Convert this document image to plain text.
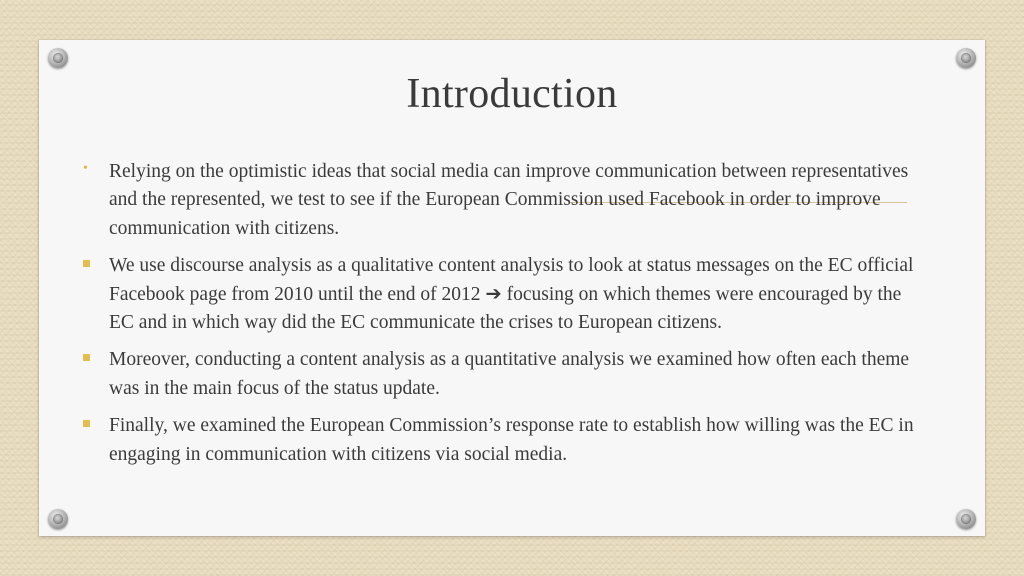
Introduction
• Relying on the optimistic ideas that social media can improve communication between representatives and the represented, we test to see if the European Commission used Facebook in order to improve communication with citizens.
We use discourse analysis as a qualitative content analysis to look at status messages on the EC official Facebook page from 2010 until the end of 2012 ➔ focusing on which themes were encouraged by the EC and in which way did the EC communicate the crises to European citizens.
Moreover, conducting a content analysis as a quantitative analysis we examined how often each theme was in the main focus of the status update.
Finally, we examined the European Commission’s response rate to establish how willing was the EC in engaging in communication with citizens via social media.
